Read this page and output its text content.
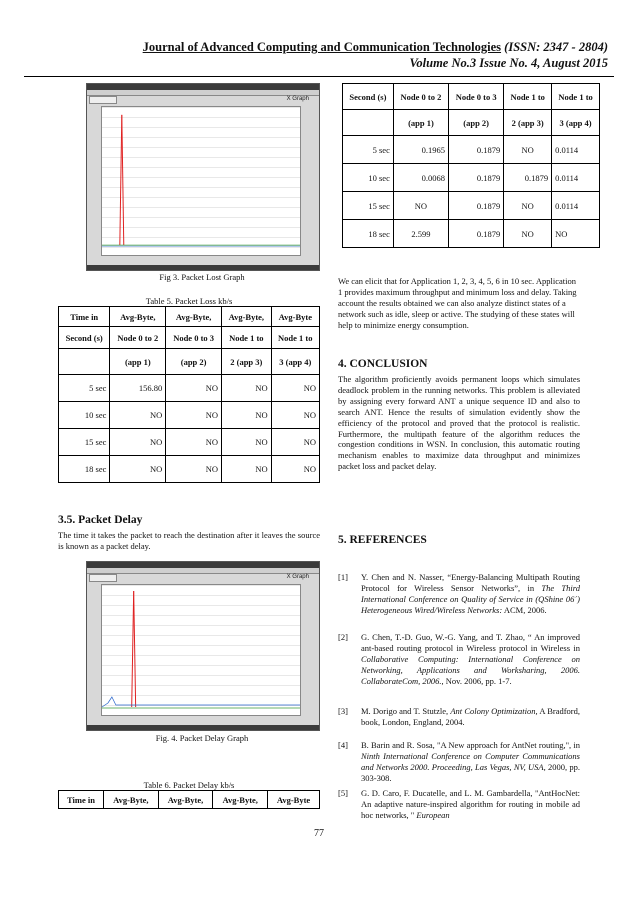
Journal of Advanced Computing and Communication Technologies (ISSN: 2347 - 2804)
Volume No.3 Issue No. 4, August 2015
X Graph
Fig 3. Packet Lost Graph
Table 5. Packet Loss kb/s
Time in	Avg-Byte,	Avg-Byte,	Avg-Byte,	Avg-Byte
Second (s)	Node 0 to 2	Node 0 to 3	Node 1 to	Node 1 to
	(app 1)	(app 2)	2 (app 3)	3 (app 4)
5 sec	156.80	NO	NO	NO
10 sec	NO	NO	NO	NO
15 sec	NO	NO	NO	NO
18 sec	NO	NO	NO	NO
3.5. Packet Delay
The time it takes the packet to reach the destination after it leaves the source is known as a packet delay.
X Graph
Fig. 4. Packet Delay Graph
Table 6. Packet Delay kb/s
Time in	Avg-Byte,	Avg-Byte,	Avg-Byte,	Avg-Byte
Second (s)	Node 0 to 2	Node 0 to 3	Node 1 to	Node 1 to
	(app 1)	(app 2)	2 (app 3)	3 (app 4)
5 sec	0.1965	0.1879	NO	0.0114
10 sec	0.0068	0.1879	0.1879	0.0114
15 sec	NO	0.1879	NO	0.0114
18 sec	2.599	0.1879	NO	NO
We can elicit that for Application 1, 2, 3, 4, 5, 6 in 10 sec. Application 1 provides maximum throughput and minimum loss and delay. Taking account the results obtained we can also analyze distinct states of a network such as idle, sleep or active. The studying of these states will help to minimize energy consumption.
4. CONCLUSION
The algorithm proficiently avoids permanent loops which simulates deadlock problem in the running networks. This problem is alleviated by assigning every forward ANT a unique sequence ID and also to search ANT. Hence the results of simulation evidently show the efficiency of the protocol and proved that the protocol is realistic. Furthermore, the multipath feature of the algorithm reduces the congestion conditions in WSN. In conclusion, this automatic routing mechanism enables to maximize data throughput and minimizes packet loss and packet delay.
5. REFERENCES
[1] Y. Chen and N. Nasser, “Energy-Balancing Multipath Routing Protocol for Wireless Sensor Networks”, in The Third International Conference on Quality of Service in (QShine 06´) Heterogeneous Wired/Wireless Networks: ACM, 2006.
[2] G. Chen, T.-D. Guo, W.-G. Yang, and T. Zhao, “ An improved ant-based routing protocol in Wireless protocol in Wireless in Collaborative Computing: International Conference on Networking, Applications and Worksharing, 2006. CollaborateCom, 2006., Nov. 2006, pp. 1-7.
[3] M. Dorigo and T. Stutzle, Ant Colony Optimization, A Bradford, book, London, England, 2004.
[4] B. Barin and R. Sosa, "A New approach for AntNet routing,", in Ninth International Conference on Computer Communications and Networks 2000. Proceeding, Las Vegas, NV, USA, 2000, pp. 303-308.
[5] G. D. Caro, F. Ducatelle, and L. M. Gambardella, "AntHocNet: An adaptive nature-inspired algorithm for routing in mobile ad hoc networks, " European
77
